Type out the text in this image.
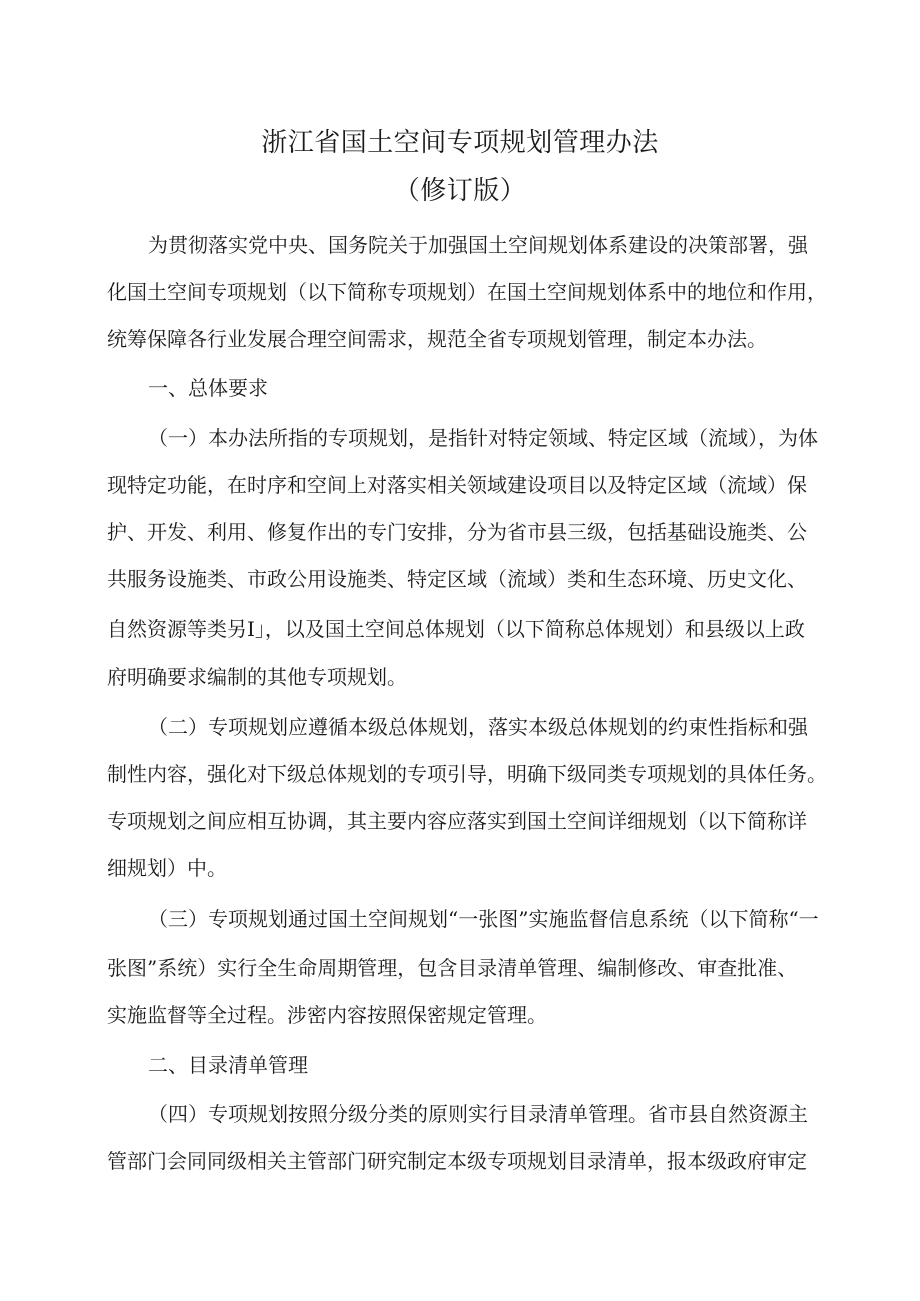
浙江省国土空间专项规划管理办法
（修订版）
为贯彻落实党中央、国务院关于加强国土空间规划体系建设的决策部署，强
化国土空间专项规划（以下简称专项规划）在国土空间规划体系中的地位和作用，
统筹保障各行业发展合理空间需求，规范全省专项规划管理，制定本办法。
一、总体要求
（一）本办法所指的专项规划，是指针对特定领域、特定区域（流域），为体
现特定功能，在时序和空间上对落实相关领域建设项目以及特定区域（流域）保
护、开发、利用、修复作出的专门安排，分为省市县三级，包括基础设施类、公
共服务设施类、市政公用设施类、特定区域（流域）类和生态环境、历史文化、
自然资源等类另I」，以及国土空间总体规划（以下简称总体规划）和县级以上政
府明确要求编制的其他专项规划。
（二）专项规划应遵循本级总体规划，落实本级总体规划的约束性指标和强
制性内容，强化对下级总体规划的专项引导，明确下级同类专项规划的具体任务。
专项规划之间应相互协调，其主要内容应落实到国土空间详细规划（以下简称详
细规划）中。
（三）专项规划通过国土空间规划“一张图”实施监督信息系统（以下简称“一
张图”系统）实行全生命周期管理，包含目录清单管理、编制修改、审查批准、
实施监督等全过程。涉密内容按照保密规定管理。
二、目录清单管理
（四）专项规划按照分级分类的原则实行目录清单管理。省市县自然资源主
管部门会同同级相关主管部门研究制定本级专项规划目录清单，报本级政府审定
